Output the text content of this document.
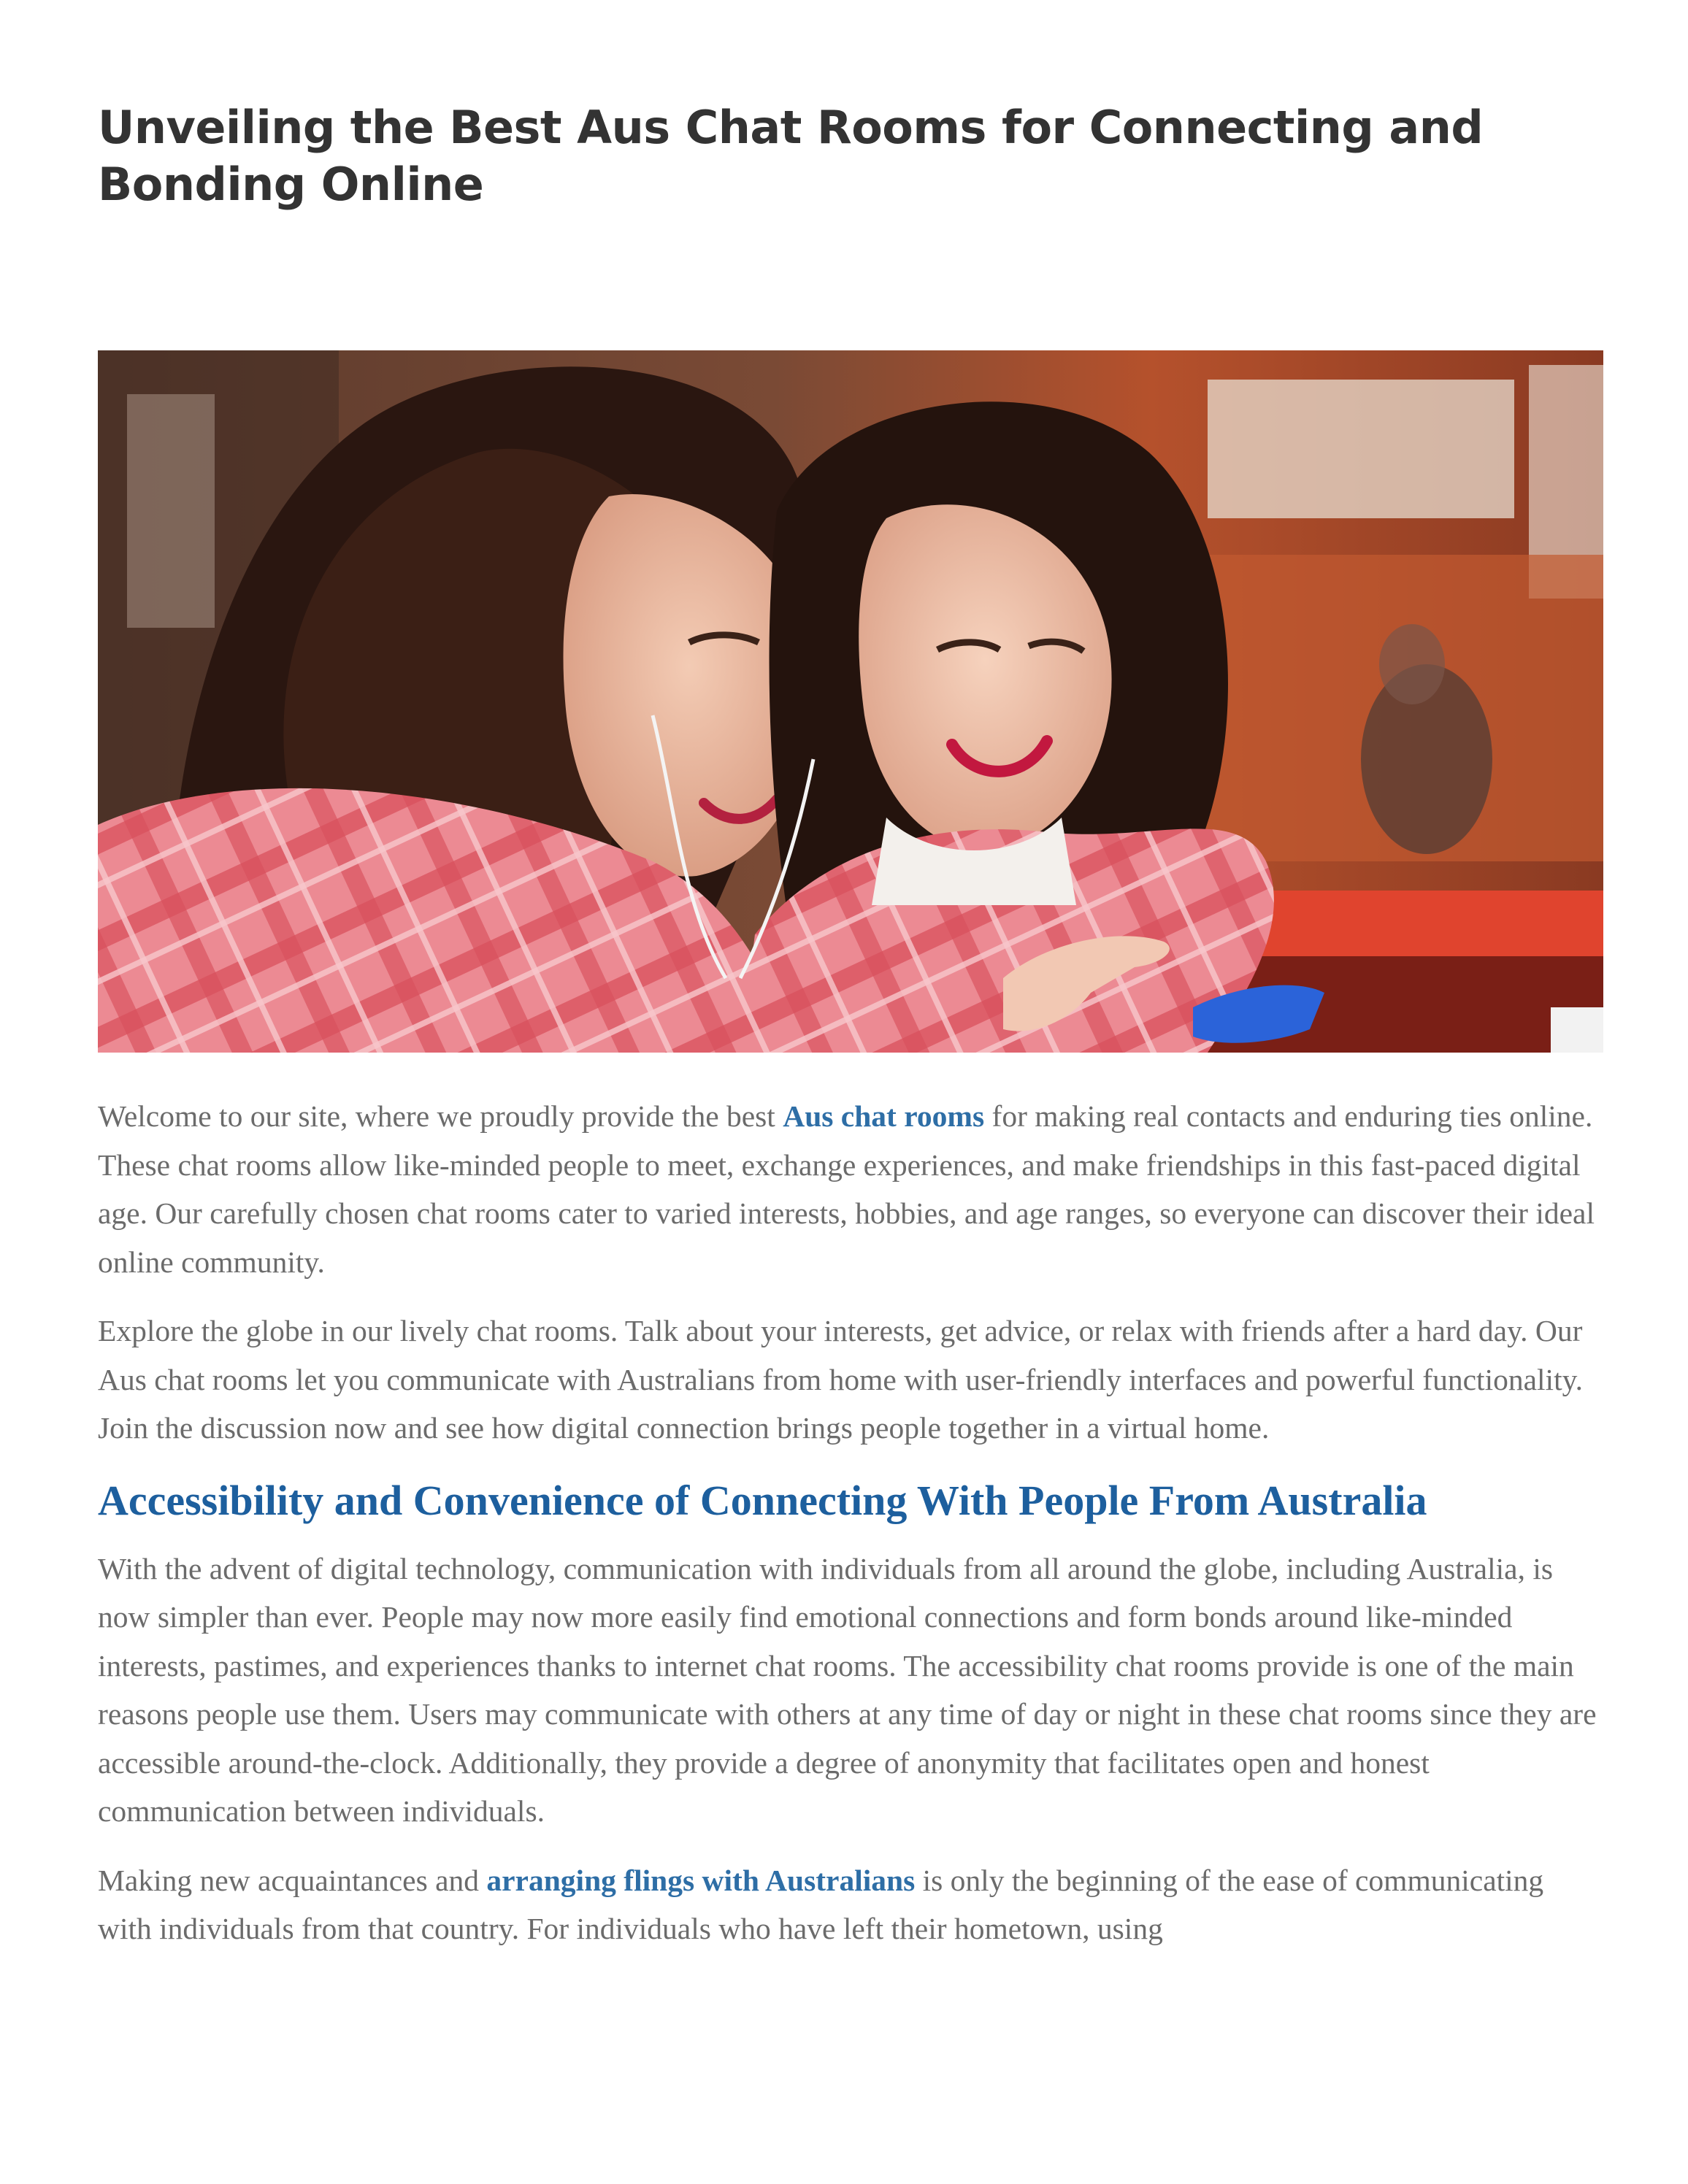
Unveiling the Best Aus Chat Rooms for Connecting and Bonding Online

Welcome to our site, where we proudly provide the best Aus chat rooms for making real contacts and enduring ties online. These chat rooms allow like-minded people to meet, exchange experiences, and make friendships in this fast-paced digital age. Our carefully chosen chat rooms cater to varied interests, hobbies, and age ranges, so everyone can discover their ideal online community.

Explore the globe in our lively chat rooms. Talk about your interests, get advice, or relax with friends after a hard day. Our Aus chat rooms let you communicate with Australians from home with user-friendly interfaces and powerful functionality. Join the discussion now and see how digital connection brings people together in a virtual home.

Accessibility and Convenience of Connecting With People From Australia

With the advent of digital technology, communication with individuals from all around the globe, including Australia, is now simpler than ever. People may now more easily find emotional connections and form bonds around like-minded interests, pastimes, and experiences thanks to internet chat rooms. The accessibility chat rooms provide is one of the main reasons people use them. Users may communicate with others at any time of day or night in these chat rooms since they are accessible around-the-clock. Additionally, they provide a degree of anonymity that facilitates open and honest communication between individuals.

Making new acquaintances and arranging flings with Australians is only the beginning of the ease of communicating with individuals from that country. For individuals who have left their hometown, using
